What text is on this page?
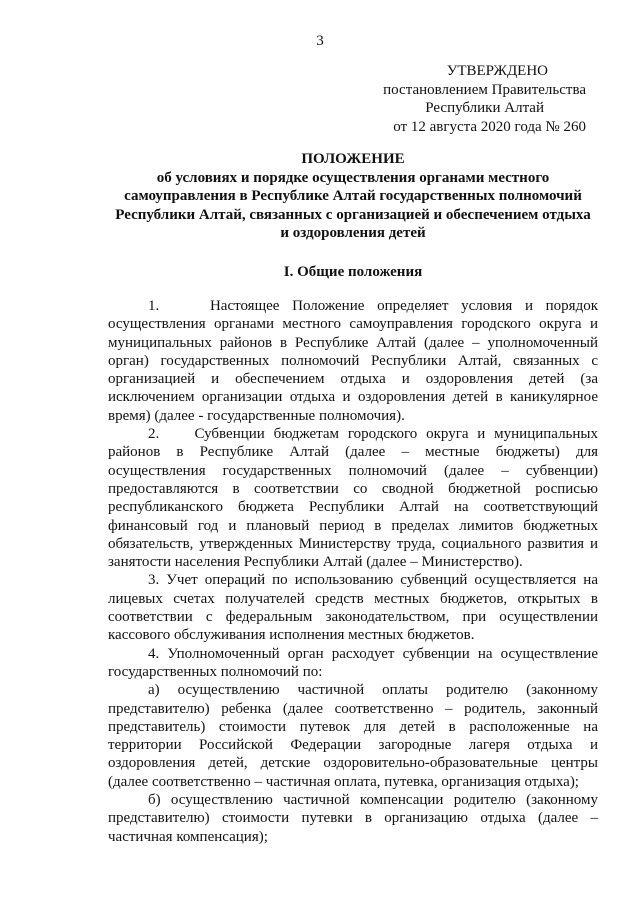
3
УТВЕРЖДЕНО
постановлением Правительства
Республики Алтай
от 12 августа 2020 года № 260
ПОЛОЖЕНИЕ
об условиях и порядке осуществления органами местного
самоуправления в Республике Алтай государственных полномочий
Республики Алтай, связанных с организацией и обеспечением отдыха
и оздоровления детей
I. Общие положения

1.    Настоящее Положение определяет условия и порядок осуществления органами местного самоуправления городского округа и муниципальных районов в Республике Алтай (далее – уполномоченный орган) государственных полномочий Республики Алтай, связанных с организацией и обеспечением отдыха и оздоровления детей (за исключением организации отдыха и оздоровления детей в каникулярное время) (далее - государственные полномочия).

2.    Субвенции бюджетам городского округа и муниципальных районов в Республике Алтай (далее – местные бюджеты) для осуществления государственных полномочий (далее – субвенции) предоставляются в соответствии со сводной бюджетной росписью республиканского бюджета Республики Алтай на соответствующий финансовый год и плановый период в пределах лимитов бюджетных обязательств, утвержденных Министерству труда, социального развития и занятости населения Республики Алтай (далее – Министерство).

3. Учет операций по использованию субвенций осуществляется на лицевых счетах получателей средств местных бюджетов, открытых в соответствии с федеральным законодательством, при осуществлении кассового обслуживания исполнения местных бюджетов.

4. Уполномоченный орган расходует субвенции на осуществление государственных полномочий по:

а) осуществлению частичной оплаты родителю (законному представителю) ребенка (далее соответственно – родитель, законный представитель) стоимости путевок для детей в расположенные на территории Российской Федерации загородные лагеря отдыха и оздоровления детей, детские оздоровительно-образовательные центры (далее соответственно – частичная оплата, путевка, организация отдыха);

б) осуществлению частичной компенсации родителю (законному представителю) стоимости путевки в организацию отдыха (далее – частичная компенсация);
